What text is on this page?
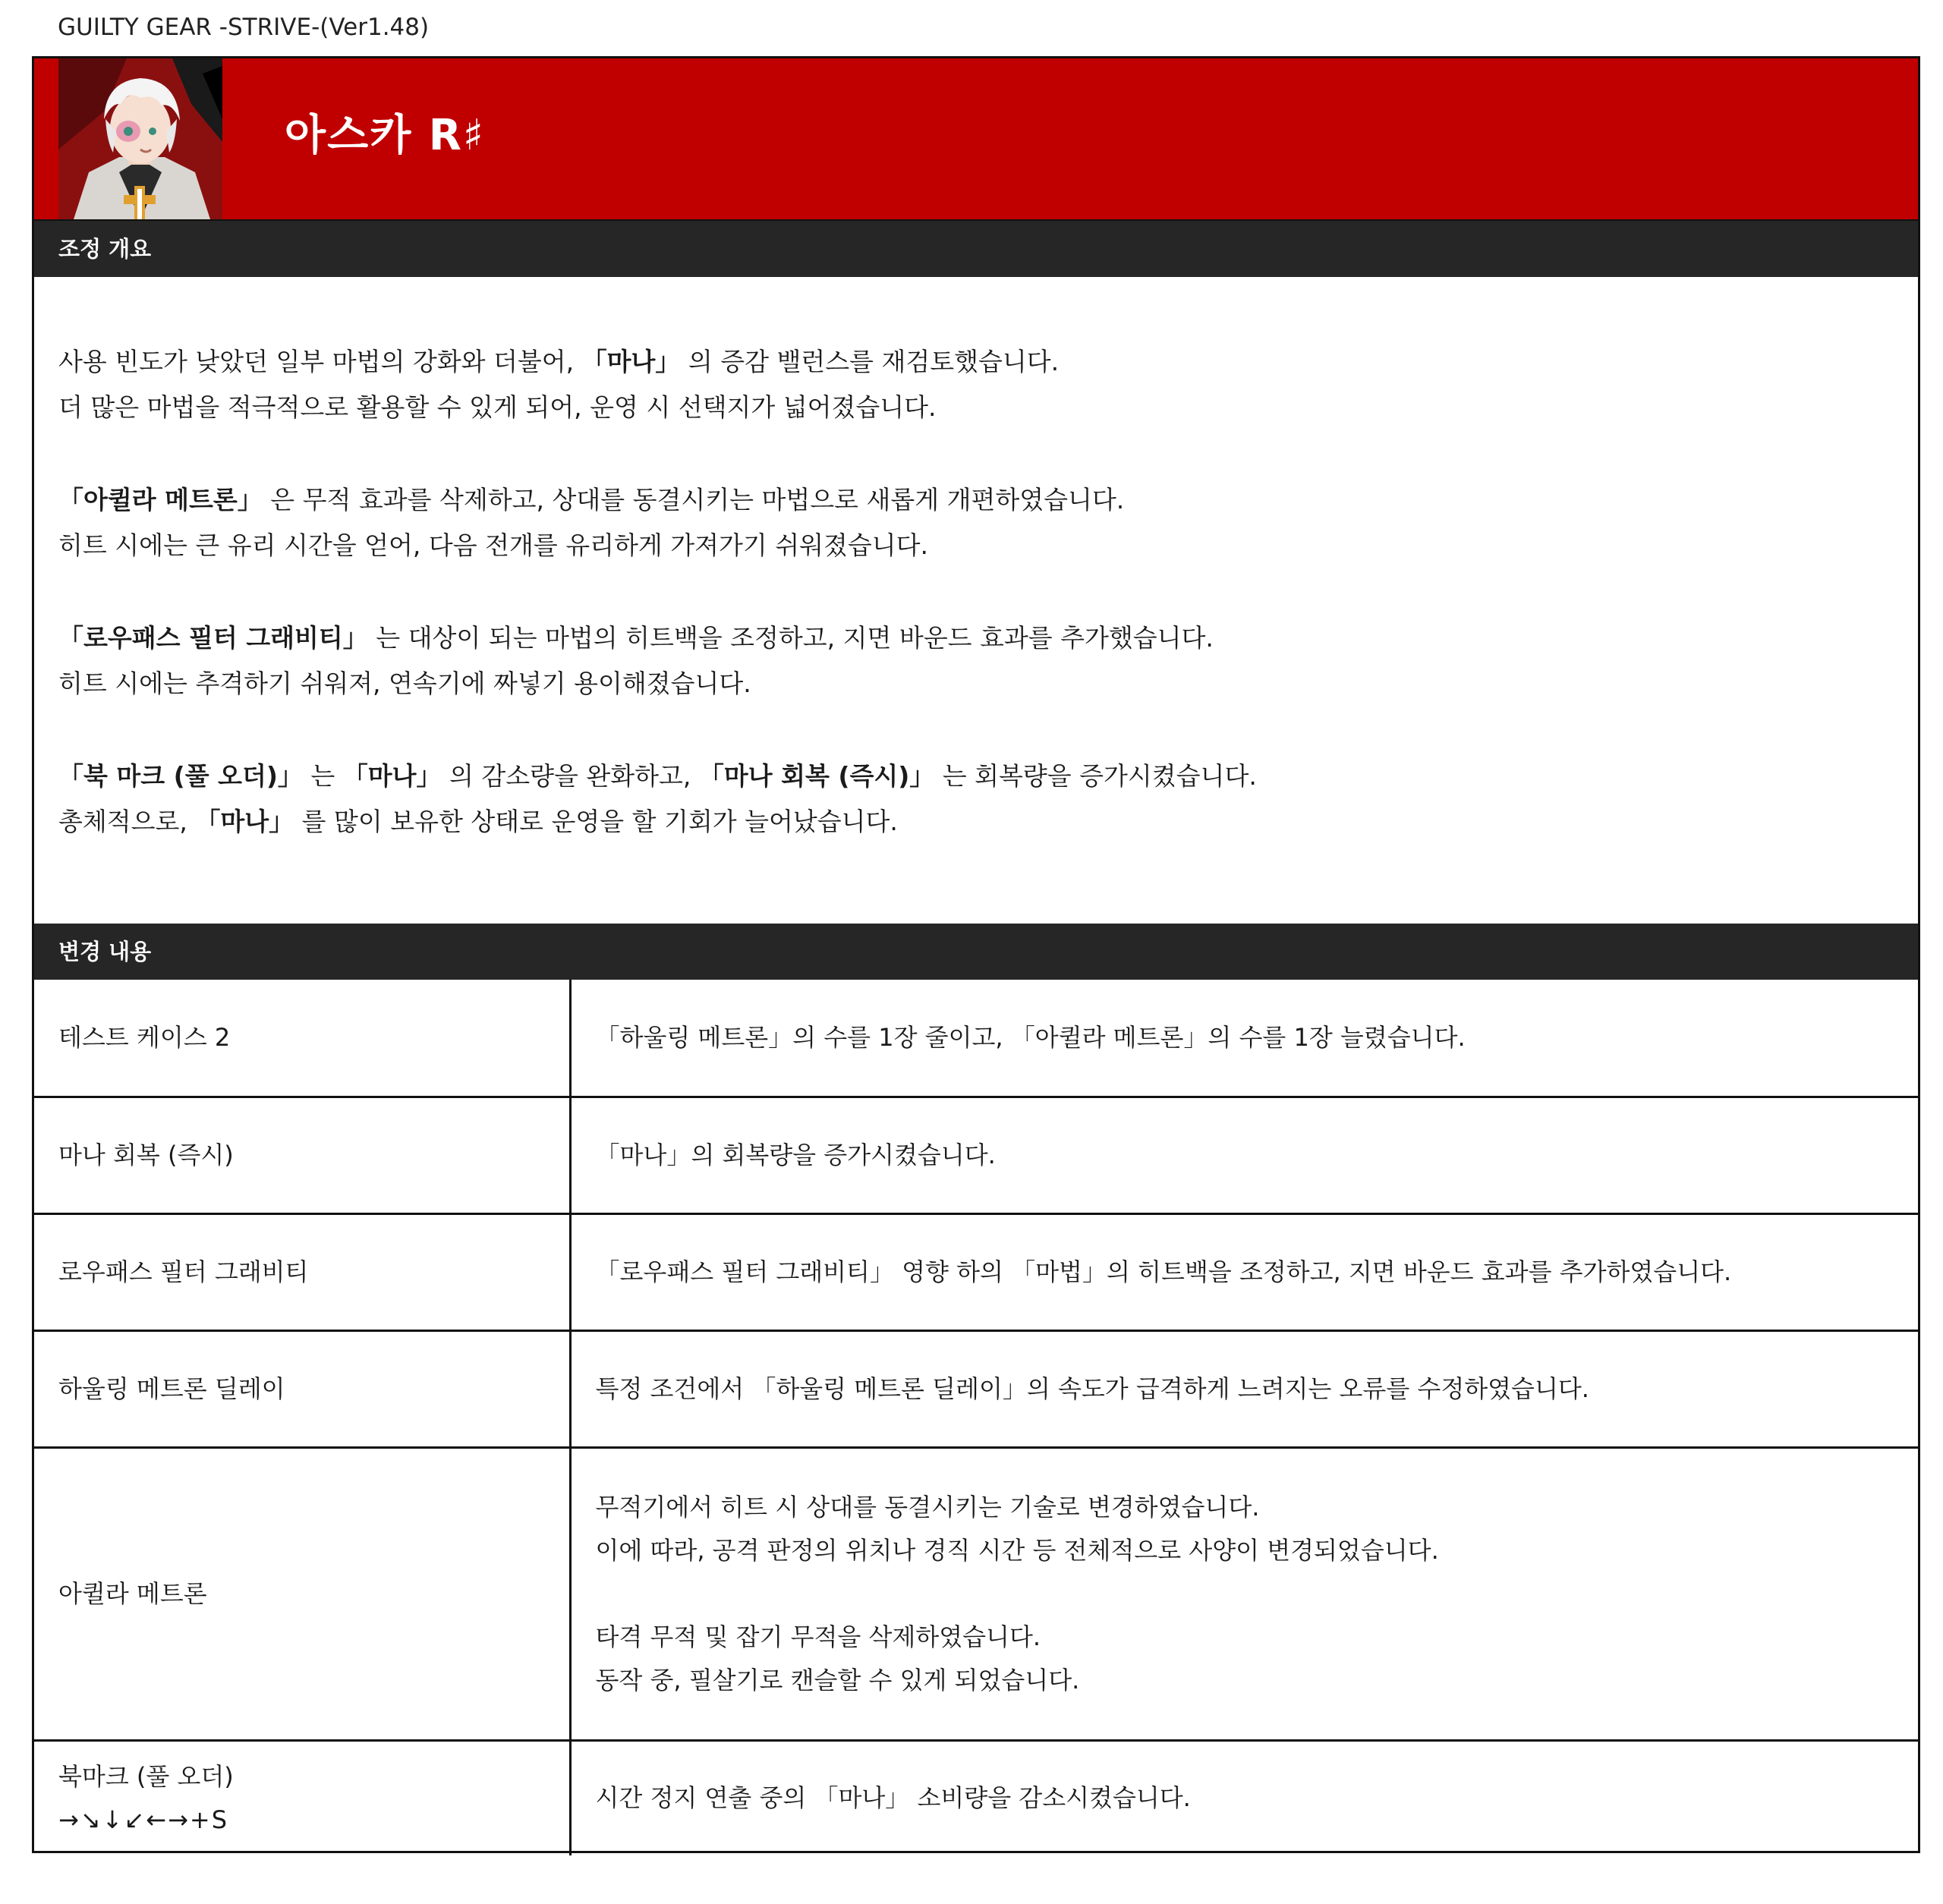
GUILTY GEAR -STRIVE-(Ver1.48)
아스카 R♯
조정 개요

사용 빈도가 낮았던 일부 마법의 강화와 더불어, 「마나」 의 증감 밸런스를 재검토했습니다.
더 많은 마법을 적극적으로 활용할 수 있게 되어, 운영 시 선택지가 넓어졌습니다.

「아퀼라 메트론」 은 무적 효과를 삭제하고, 상대를 동결시키는 마법으로 새롭게 개편하였습니다.
히트 시에는 큰 유리 시간을 얻어, 다음 전개를 유리하게 가져가기 쉬워졌습니다.

「로우패스 필터 그래비티」 는 대상이 되는 마법의 히트백을 조정하고, 지면 바운드 효과를 추가했습니다.
히트 시에는 추격하기 쉬워져, 연속기에 짜넣기 용이해졌습니다.

「북 마크 (풀 오더)」 는 「마나」 의 감소량을 완화하고, 「마나 회복 (즉시)」 는 회복량을 증가시켰습니다.
총체적으로, 「마나」 를 많이 보유한 상태로 운영을 할 기회가 늘어났습니다.

변경 내용
테스트 케이스 2	「하울링 메트론」의 수를 1장 줄이고, 「아퀼라 메트론」의 수를 1장 늘렸습니다.
마나 회복 (즉시)	「마나」의 회복량을 증가시켰습니다.
로우패스 필터 그래비티	「로우패스 필터 그래비티」 영향 하의 「마법」의 히트백을 조정하고, 지면 바운드 효과를 추가하였습니다.
하울링 메트론 딜레이	특정 조건에서 「하울링 메트론 딜레이」의 속도가 급격하게 느려지는 오류를 수정하였습니다.
아퀼라 메트론	무적기에서 히트 시 상대를 동결시키는 기술로 변경하였습니다.
이에 따라, 공격 판정의 위치나 경직 시간 등 전체적으로 사양이 변경되었습니다.
타격 무적 및 잡기 무적을 삭제하였습니다.
동작 중, 필살기로 캔슬할 수 있게 되었습니다.

북마크 (풀 오더)
→↘↓↙←→+S	시간 정지 연출 중의 「마나」 소비량을 감소시켰습니다.
